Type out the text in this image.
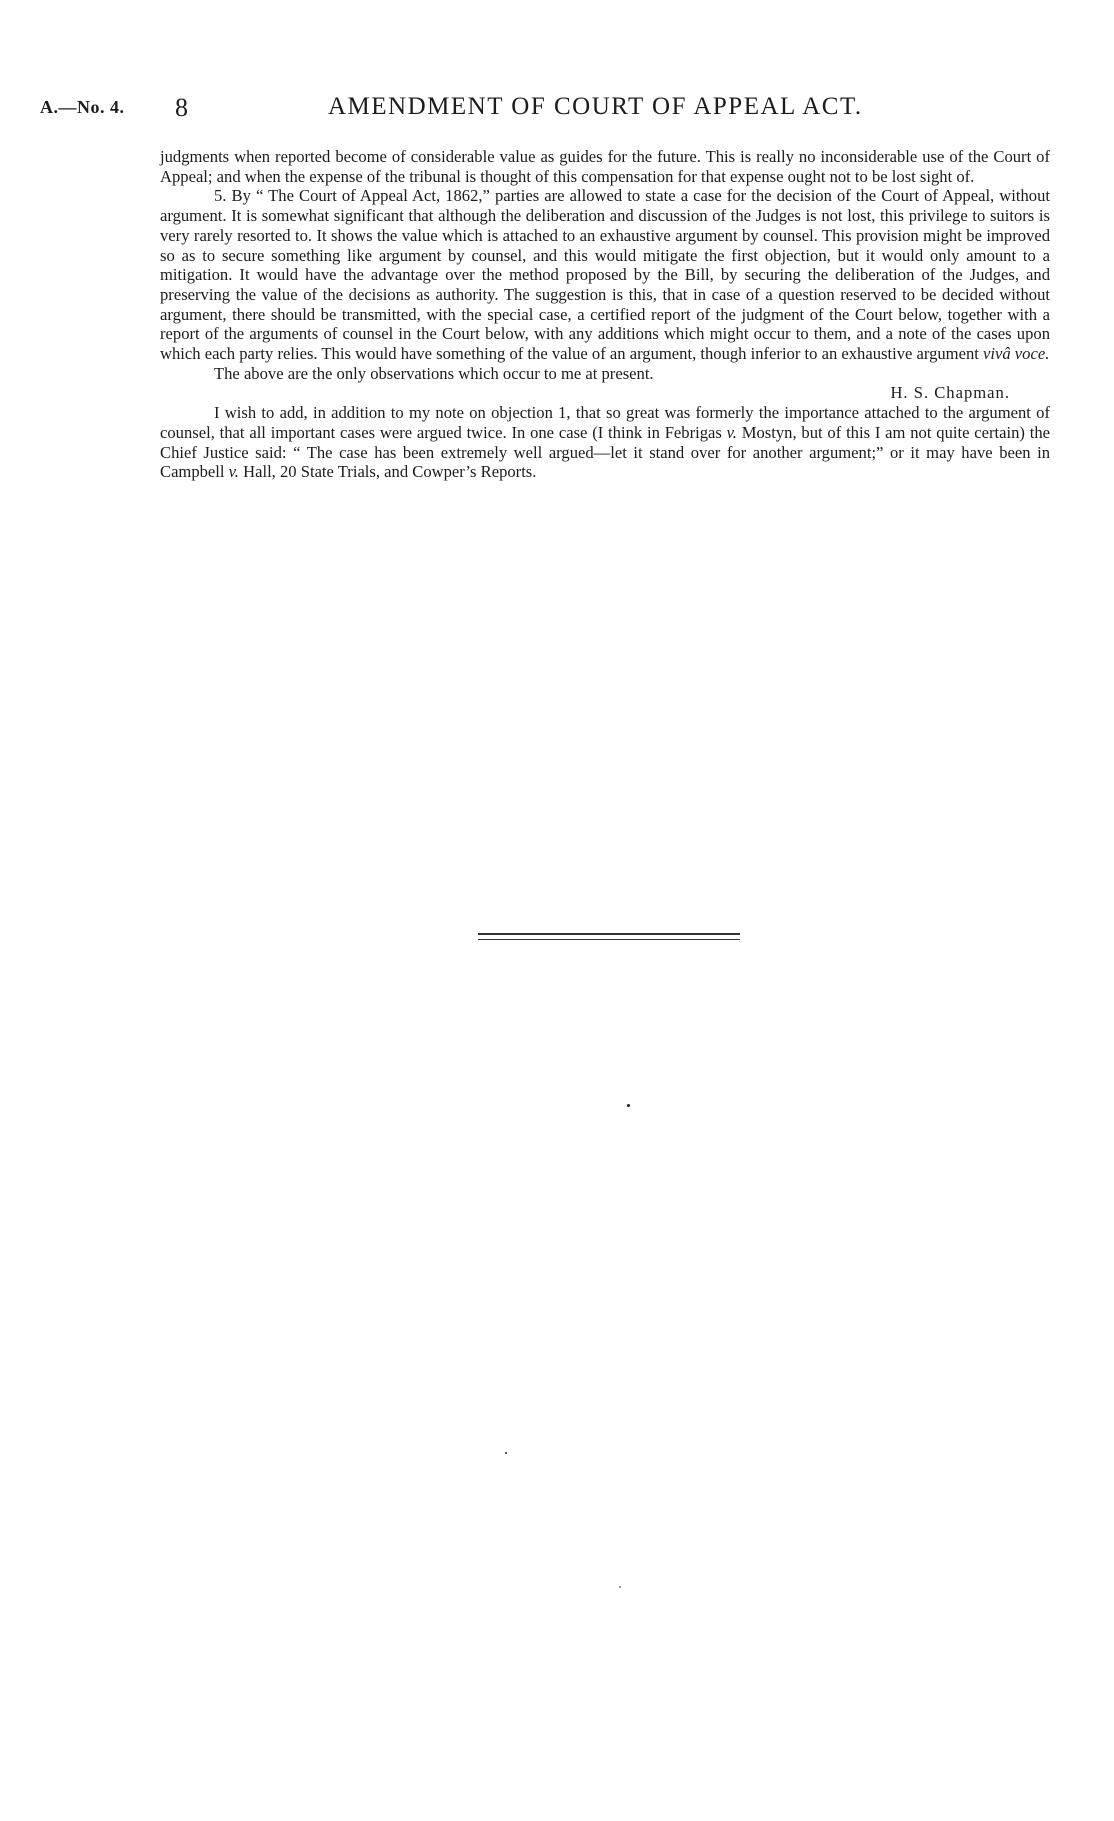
A.—No. 4. 8	AMENDMENT OF COURT OF APPEAL ACT.

judgments when reported become of considerable value as guides for the future. This is really no inconsiderable use of the Court of Appeal; and when the expense of the tribunal is thought of this compensation for that expense ought not to be lost sight of.

5. By “ The Court of Appeal Act, 1862,” parties are allowed to state a case for the decision of the Court of Appeal, without argument. It is somewhat significant that although the deliberation and discussion of the Judges is not lost, this privilege to suitors is very rarely resorted to. It shows the value which is attached to an exhaustive argument by counsel. This provision might be improved so as to secure something like argument by counsel, and this would mitigate the first objection, but it would only amount to a mitigation. It would have the advantage over the method proposed by the Bill, by securing the deliberation of the Judges, and preserving the value of the decisions as authority. The suggestion is this, that in case of a question reserved to be decided without argument, there should be transmitted, with the special case, a certified report of the judgment of the Court below, together with a report of the arguments of counsel in the Court below, with any additions which might occur to them, and a note of the cases upon which each party relies. This would have something of the value of an argument, though inferior to an exhaustive argument vivâ voce.

The above are the only observations which occur to me at present.

H. S. Chapman.

I wish to add, in addition to my note on objection 1, that so great was formerly the importance attached to the argument of counsel, that all important cases were argued twice. In one case (I think in Febrigas v. Mostyn, but of this I am not quite certain) the Chief Justice said: “ The case has been extremely well argued—let it stand over for another argument;” or it may have been in Campbell v. Hall, 20 State Trials, and Cowper’s Reports.
